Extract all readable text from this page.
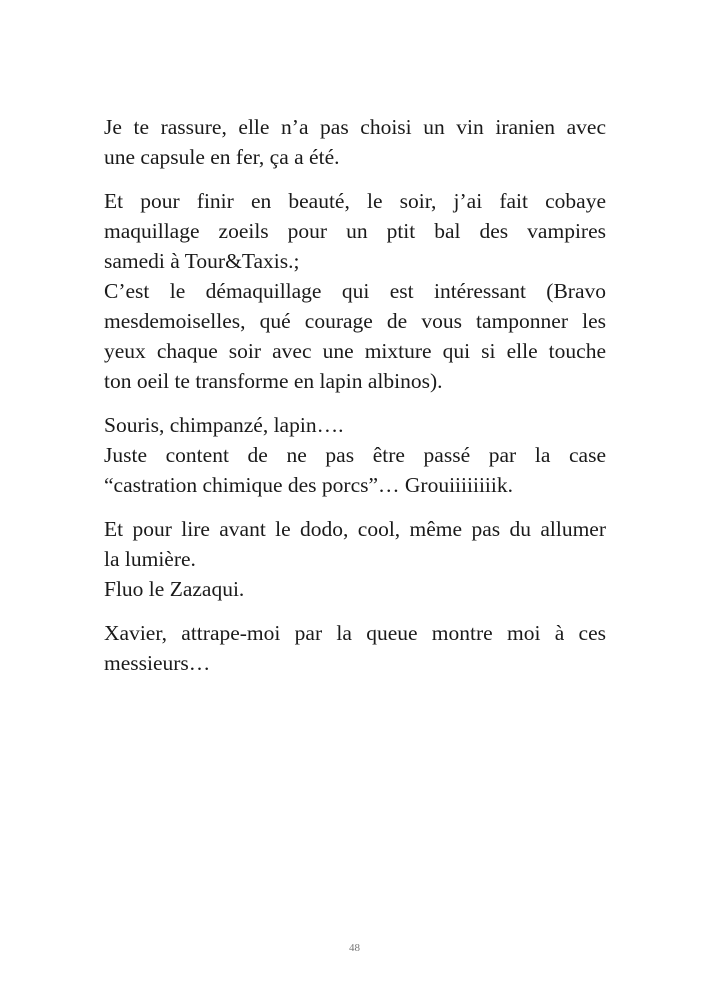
Je te rassure, elle n’a pas choisi un vin iranien avec
une capsule en fer, ça a été.

Et pour finir en beauté, le soir, j’ai fait cobaye
maquillage zoeils pour un ptit bal des vampires
samedi à Tour&Taxis.;
C’est le démaquillage qui est intéressant (Bravo
mesdemoiselles, qué courage de vous tamponner les
yeux chaque soir avec une mixture qui si elle touche
ton oeil te transforme en lapin albinos).

Souris, chimpanzé, lapin….
Juste content de ne pas être passé par la case
“castration chimique des porcs”… Grouiiiiiiiik.

Et pour lire avant le dodo, cool, même pas du allumer
la lumière.
Fluo le Zazaqui.

Xavier, attrape-moi par la queue montre moi à ces
messieurs…

48
